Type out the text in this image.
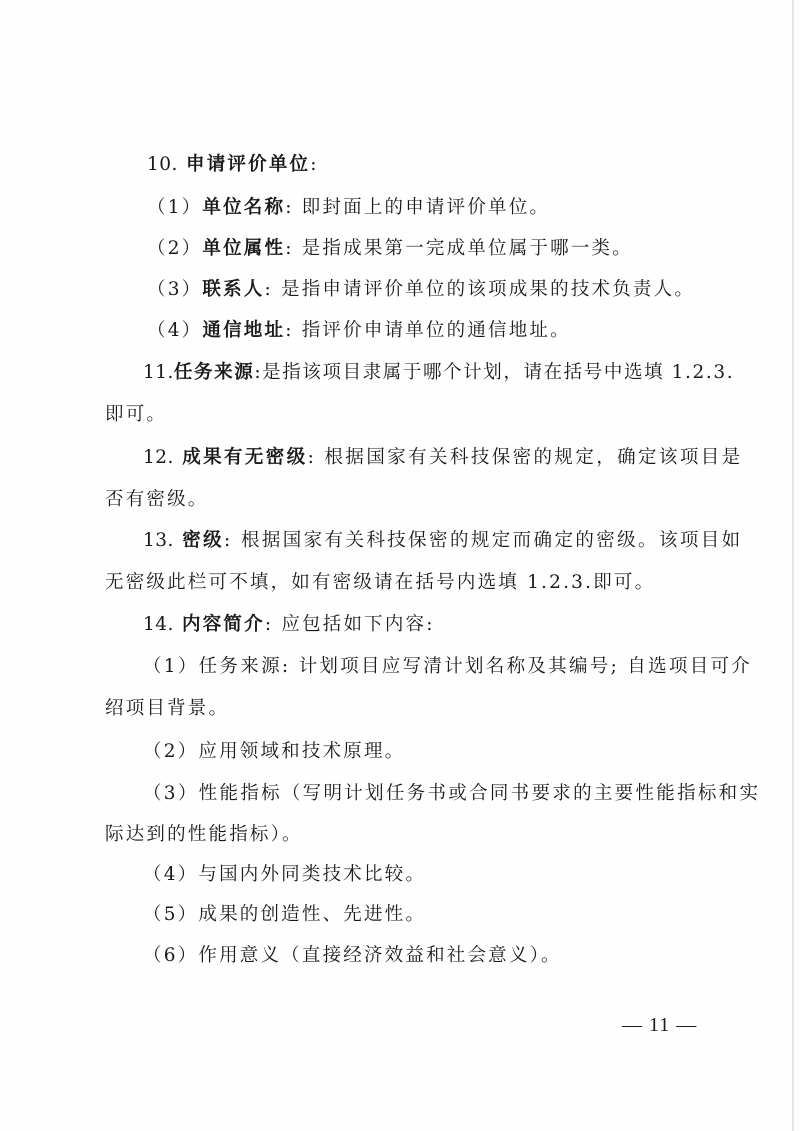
10. 申请评价单位:
（1）单位名称: 即封面上的申请评价单位。
（2）单位属性: 是指成果第一完成单位属于哪一类。
（3）联系人: 是指申请评价单位的该项成果的技术负责人。
（4）通信地址: 指评价申请单位的通信地址。
11.任务来源:是指该项目隶属于哪个计划，请在括号中选填 1.2.3.
即可。
12. 成果有无密级: 根据国家有关科技保密的规定，确定该项目是
否有密级。
13. 密级: 根据国家有关科技保密的规定而确定的密级。该项目如
无密级此栏可不填，如有密级请在括号内选填 1.2.3.即可。
14. 内容简介: 应包括如下内容:
（1）任务来源: 计划项目应写清计划名称及其编号; 自选项目可介
绍项目背景。
（2）应用领域和技术原理。
（3）性能指标（写明计划任务书或合同书要求的主要性能指标和实
际达到的性能指标）。
（4）与国内外同类技术比较。
（5）成果的创造性、先进性。
（6）作用意义（直接经济效益和社会意义）。
— 11 —
